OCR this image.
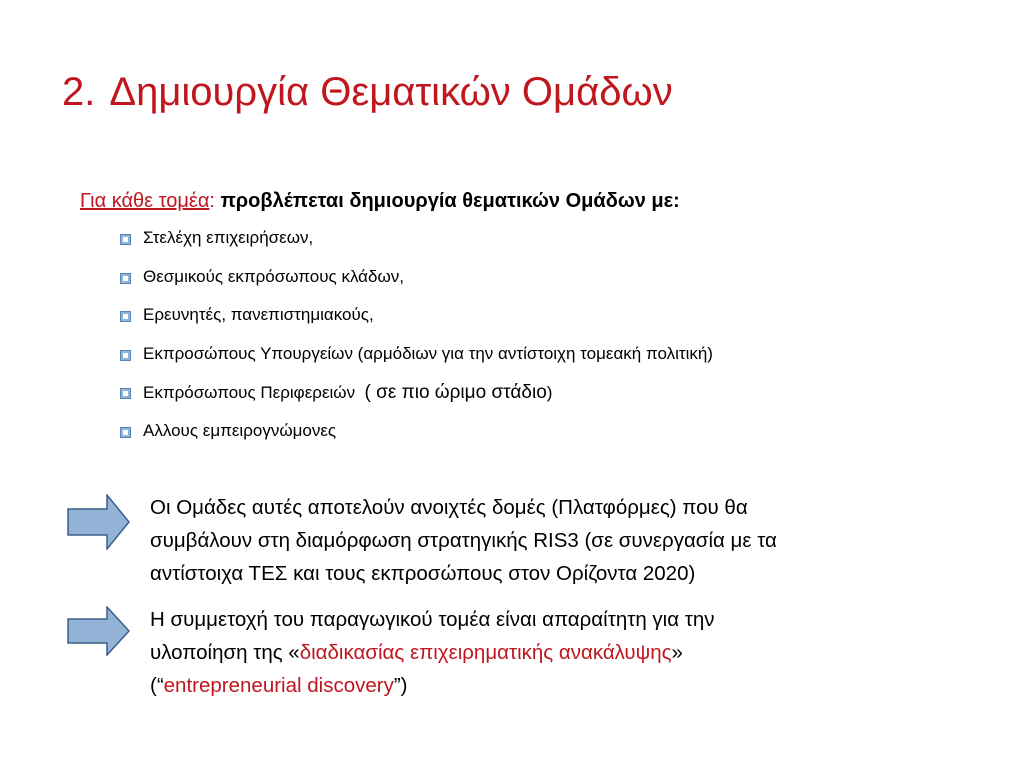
2. Δημιουργία Θεματικών Ομάδων
Για κάθε τομέα: προβλέπεται δημιουργία θεματικών Ομάδων με:
Στελέχη επιχειρήσεων,
Θεσμικούς εκπρόσωπους κλάδων,
Ερευνητές, πανεπιστημιακούς,
Εκπροσώπους Υπουργείων (αρμόδιων για την αντίστοιχη τομεακή πολιτική)
Εκπρόσωπους Περιφερειών ( σε πιο ώριμο στάδιο)
Αλλους εμπειρογνώμονες
Οι Ομάδες αυτές αποτελούν ανοιχτές δομές (Πλατφόρμες) που θα
συμβάλουν στη διαμόρφωση στρατηγικής RIS3 (σε συνεργασία με τα
αντίστοιχα ΤΕΣ και τους εκπροσώπους στον Ορίζοντα 2020)
Η συμμετοχή του παραγωγικού τομέα είναι απαραίτητη για την
υλοποίηση της «διαδικασίας επιχειρηματικής ανακάλυψης»
(“entrepreneurial discovery”)
